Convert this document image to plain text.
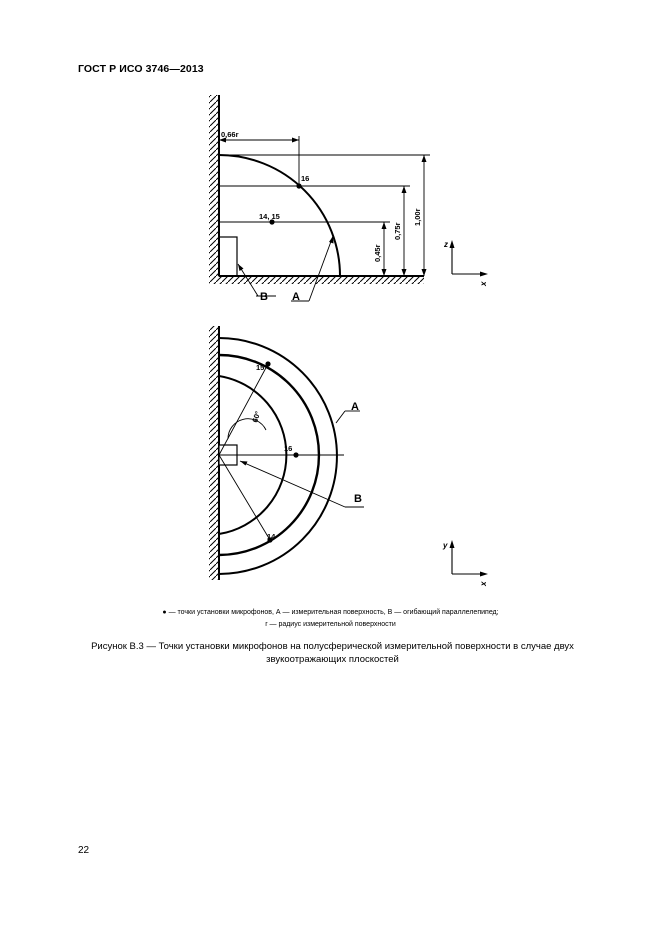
ГОСТ Р ИСО 3746—2013
0,66r
16
14, 15	1,00r
0,75r
0,45r
B A
z
x
15
16
14
60°
A
B
y
x
● — точки установки микрофонов, А — измерительная поверхность, В — огибающий параллелепипед;
r — радиус измерительной поверхности
Рисунок В.3 — Точки установки микрофонов на полусферической измерительной поверхности в случае двух звукоотражающих плоскостей
22
